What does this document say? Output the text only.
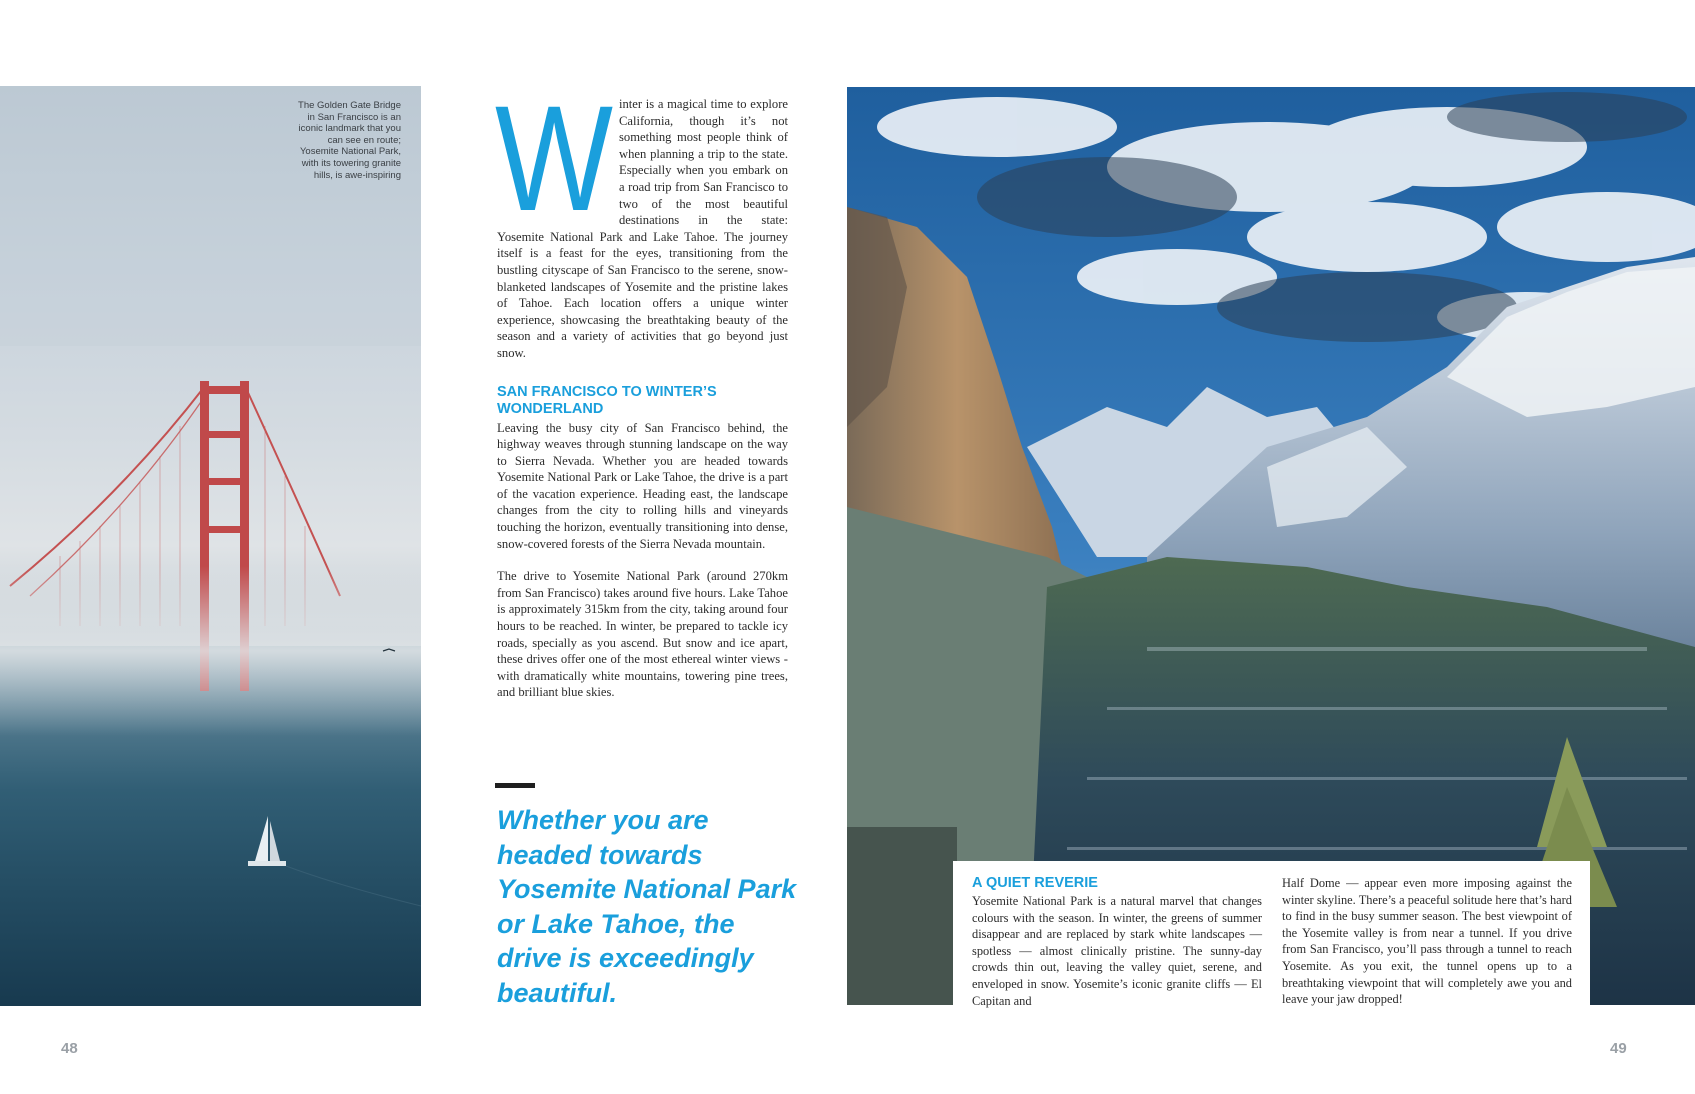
The Golden Gate Bridge in San Francisco is an iconic landmark that you can see en route; Yosemite National Park, with its towering granite hills, is awe-inspiring W inter is a magical time to explore California, though it’s not something most people think of when planning a trip to the state. Especially when you embark on a road trip from San Francisco to two of the most beautiful destinations in the state: Yosemite National Park and Lake Tahoe. The journey itself is a feast for the eyes, transitioning from the bustling cityscape of San Francisco to the serene, snow-blanketed landscapes of Yosemite and the pristine lakes of Tahoe. Each location offers a unique winter experience, showcasing the breathtaking beauty of the season and a variety of activities that go beyond just snow.

SAN FRANCISCO TO WINTER’S WONDERLAND

Leaving the busy city of San Francisco behind, the highway weaves through stunning landscape on the way to Sierra Nevada. Whether you are headed towards Yosemite National Park or Lake Tahoe, the drive is a part of the vacation experience. Heading east, the landscape changes from the city to rolling hills and vineyards touching the horizon, eventually transitioning into dense, snow-covered forests of the Sierra Nevada mountain.

The drive to Yosemite National Park (around 270km from San Francisco) takes around five hours. Lake Tahoe is approximately 315km from the city, taking around four hours to be reached. In winter, be prepared to tackle icy roads, specially as you ascend. But snow and ice apart, these drives offer one of the most ethereal winter views - with dramatically white mountains, towering pine trees, and brilliant blue skies.

Whether you are headed towards Yosemite National Park or Lake Tahoe, the drive is exceedingly beautiful.
A QUIET REVERIE

Yosemite National Park is a natural marvel that changes colours with the season. In winter, the greens of summer disappear and are replaced by stark white landscapes — spotless — almost clinically pristine. The sunny-day crowds thin out, leaving the valley quiet, serene, and enveloped in snow. Yosemite’s iconic granite cliffs — El Capitan and

Half Dome — appear even more imposing against the winter skyline. There’s a peaceful solitude here that’s hard to find in the busy summer season. The best viewpoint of the Yosemite valley is from near a tunnel. If you drive from San Francisco, you’ll pass through a tunnel to reach Yosemite. As you exit, the tunnel opens up to a breathtaking viewpoint that will completely awe you and leave your jaw dropped!

48	49
